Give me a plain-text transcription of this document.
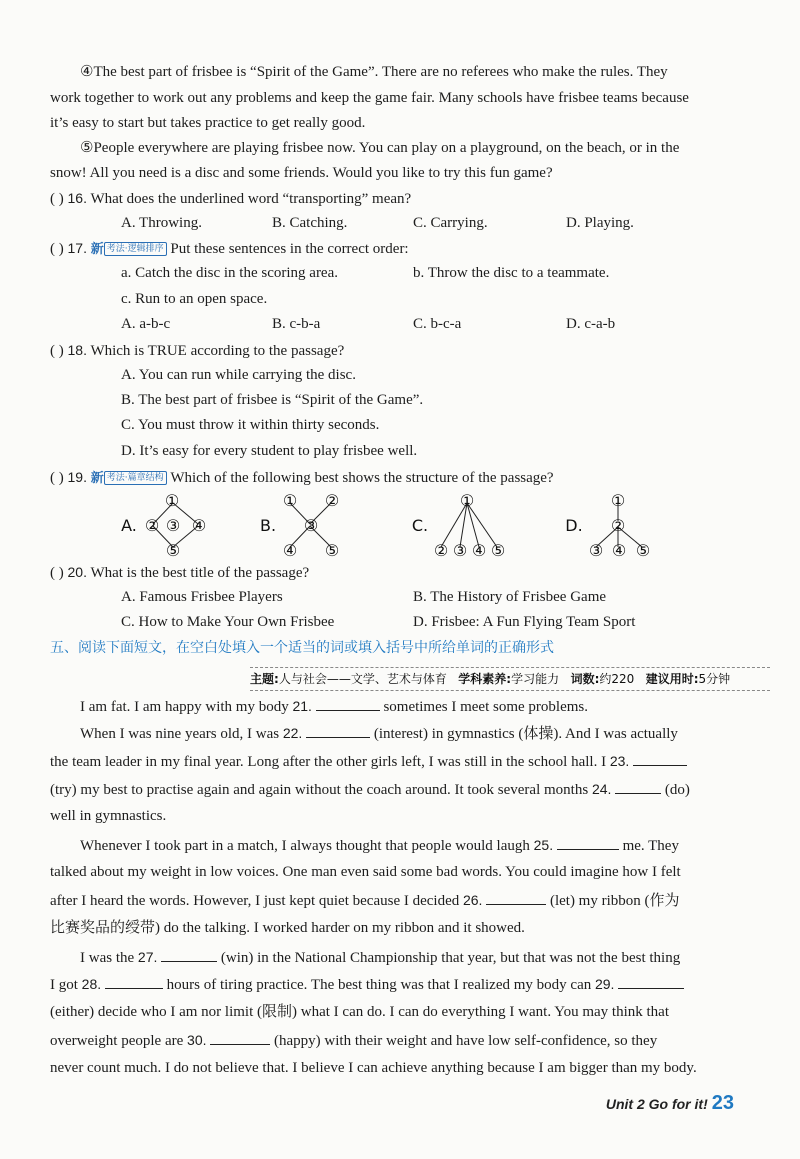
④The best part of frisbee is “Spirit of the Game”. There are no referees who make the rules. They
work together to work out any problems and keep the game fair. Many schools have frisbee teams because
it’s easy to start but takes practice to get really good.
⑤People everywhere are playing frisbee now. You can play on a playground, on the beach, or in the
snow! All you need is a disc and some friends. Would you like to try this fun game?
( ) 16. What does the underlined word “transporting” mean?
A. Throwing.	B. Catching.	C. Carrying.	D. Playing.
( ) 17. 新 考法·逻辑排序 Put these sentences in the correct order:
a. Catch the disc in the scoring area.	b. Throw the disc to a teammate.
c. Run to an open space.
A. a-b-c	B. c-b-a	C. b-c-a	D. c-a-b
( ) 18. Which is TRUE according to the passage?
A. You can run while carrying the disc.
B. The best part of frisbee is “Spirit of the Game”.
C. You must throw it within thirty seconds.
D. It’s easy for every student to play frisbee well.
( ) 19. 新 考法·篇章结构 Which of the following best shows the structure of the passage?
A.
①
② ③ ④
⑤
B.
① ②
③
④ ⑤
C.
①
② ③ ④ ⑤
D.
①
②
③ ④ ⑤
( ) 20. What is the best title of the passage?
A. Famous Frisbee Players	B. The History of Frisbee Game
C. How to Make Your Own Frisbee	D. Frisbee: A Fun Flying Team Sport
五、阅读下面短文，在空白处填入一个适当的词或填入括号中所给单词的正确形式
主题:人与社会——文学、艺术与体育 学科素养:学习能力 词数:约220 建议用时:5分钟
I am fat. I am happy with my body 21.	sometimes I meet some problems.
When I was nine years old, I was 22.	(interest) in gymnastics (体操). And I was actually
the team leader in my final year. Long after the other girls left, I was still in the school hall. I 23.
(try) my best to practise again and again without the coach around. It took several months 24.	(do)
well in gymnastics.
Whenever I took part in a match, I always thought that people would laugh 25.	me. They
talked about my weight in low voices. One man even said some bad words. You could imagine how I felt
after I heard the words. However, I just kept quiet because I decided 26.	(let) my ribbon (作为
比赛奖品的绶带) do the talking. I worked harder on my ribbon and it showed.
I was the 27.	(win) in the National Championship that year, but that was not the best thing
I got 28.	hours of tiring practice. The best thing was that I realized my body can 29.
(either) decide who I am nor limit (限制) what I can do. I can do everything I want. You may think that
overweight people are 30.	(happy) with their weight and have low self-confidence, so they
never count much. I do not believe that. I believe I can achieve anything because I am bigger than my body.
Unit 2 Go for it! 23
